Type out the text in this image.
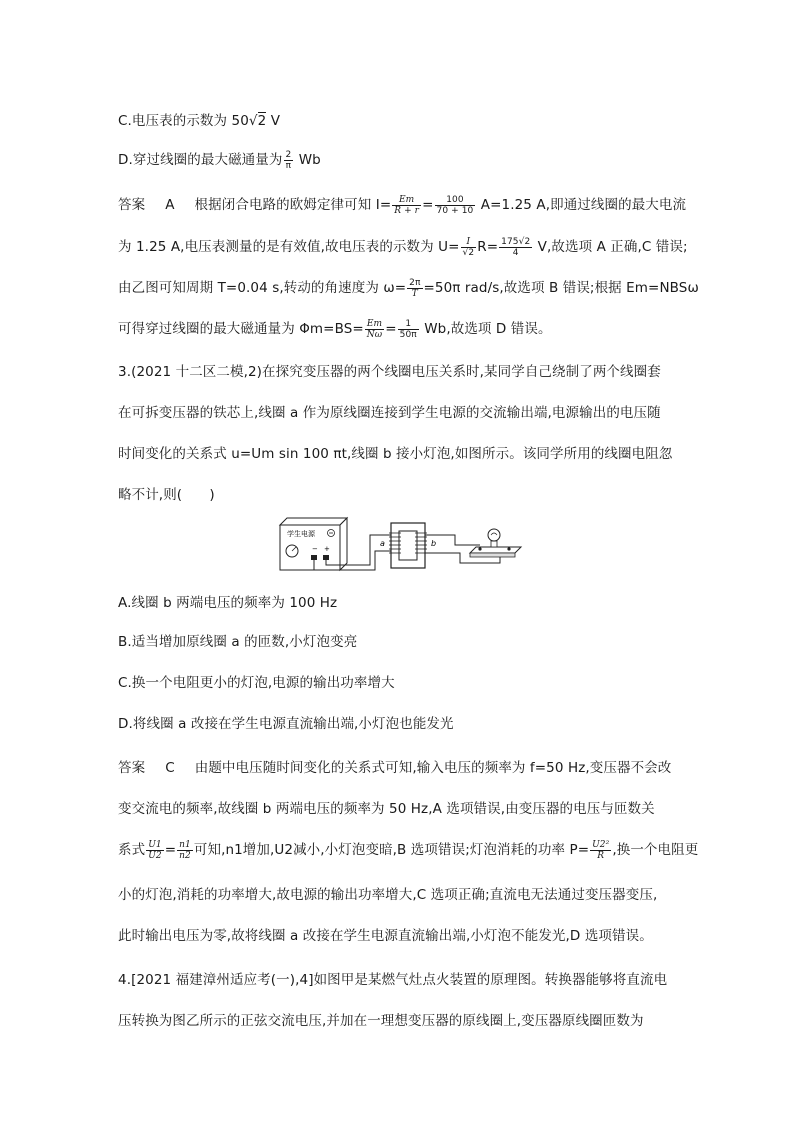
C.电压表的示数为 50√2 V
D.穿过线圈的最大磁通量为 $\frac{2}{\pi}$ Wb
答案 A 根据闭合电路的欧姆定律可知 $I= \frac{Em}{R + r} = \frac{100}{70 + 10} A=1.25$ A,即通过线圈的最大电流
为 1.25 A,电压表测量的是有效值,故电压表的示数为 $U= \frac{I}{√2} R= \frac{175√2}{4} V$,故选项 A 正确,C 错误;
由乙图可知周期 T=0.04 s,转动的角速度为 $\omega= \frac{2\pi}{T} =50\pi$ rad/s,故选项 B 错误;根据 Em=NBSω
可得穿过线圈的最大磁通量为 $\Phi m=BS= \frac{Em}{N\omega} = \frac{1}{50\pi} Wb$,故选项 D 错误。
3.(2021 十二区二模,2)在探究变压器的两个线圈电压关系时,某同学自己绕制了两个线圈套
在可拆变压器的铁芯上,线圈 a 作为原线圈连接到学生电源的交流输出端,电源输出的电压随
时间变化的关系式 u=Um sin 100 πt,线圈 b 接小灯泡,如图所示。该同学所用的线圈电阻忽
略不计,则(　　)
学生电源
− +
a	b
A.线圈 b 两端电压的频率为 100 Hz
B.适当增加原线圈 a 的匝数,小灯泡变亮
C.换一个电阻更小的灯泡,电源的输出功率增大
D.将线圈 a 改接在学生电源直流输出端,小灯泡也能发光
答案 C 由题中电压随时间变化的关系式可知,输入电压的频率为 f=50 Hz,变压器不会改
变交流电的频率,故线圈 b 两端电压的频率为 50 Hz,A 选项错误,由变压器的电压与匝数关
系式 $\frac{U1}{U2} = \frac{n1}{n2}$ 可知,n1增加,U2减小,小灯泡变暗,B 选项错误;灯泡消耗的功率 $P= \frac{\text{U2²}}{R}$ ,换一个电阻更
小的灯泡,消耗的功率增大,故电源的输出功率增大,C 选项正确;直流电无法通过变压器变压,
此时输出电压为零,故将线圈 a 改接在学生电源直流输出端,小灯泡不能发光,D 选项错误。
4.[2021 福建漳州适应考(一),4]如图甲是某燃气灶点火装置的原理图。转换器能够将直流电
压转换为图乙所示的正弦交流电压,并加在一理想变压器的原线圈上,变压器原线圈匝数为
